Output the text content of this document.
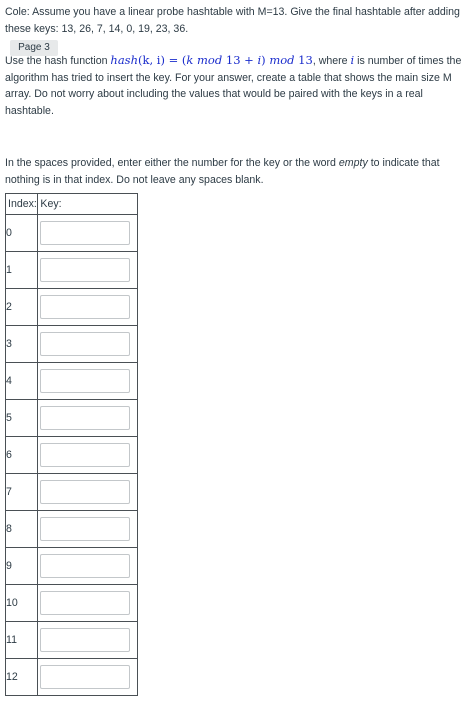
Cole: Assume you have a linear probe hashtable with M=13. Give the final hashtable after adding these keys: 13, 26, 7, 14, 0, 19, 23, 36.

Page 3

Use the hash function hash(k, i) = (k mod 13 + i) mod 13, where i is number of times the algorithm has tried to insert the key. For your answer, create a table that shows the main size M array. Do not worry about including the values that would be paired with the keys in a real hashtable.

In the spaces provided, enter either the number for the key or the word empty to indicate that nothing is in that index. Do not leave any spaces blank.

Index:	Key:
0	

1	

2	

3	

4	

5	

6	

7	

8	

9	

10	

11	

12	
